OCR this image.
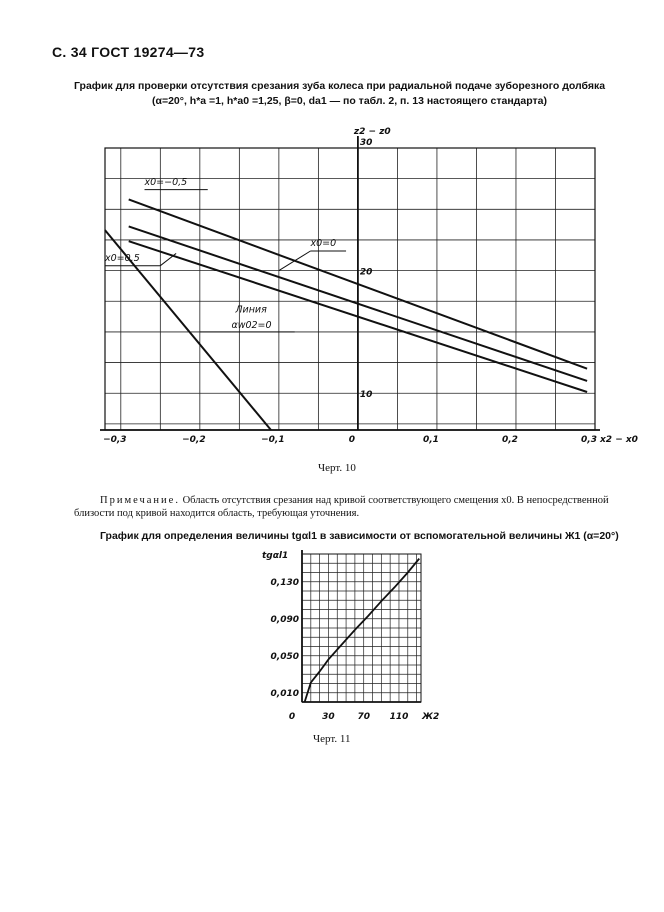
С. 34 ГОСТ 19274—73
График для проверки отсутствия срезания зуба колеса при радиальной подаче зуборезного долбяка
(α=20°, h*a =1, h*a0 =1,25, β=0, da1 — по табл. 2, п. 13 настоящего стандарта)
−0,3	−0,2	−0,1	0	0,1	0,2	0,3
30
20
10
z2 − z0
x2 − x0
x0=−0,5
x0=0
x0=0,5
Линия
αw02=0
Черт. 10
Примечание. Область отсутствия срезания над кривой соответствующего смещения x0. В непосредственной
близости под кривой находится область, требующая уточнения.
График для определения величины tgαl1 в зависимости от вспомогательной величины Ж1 (α=20°)
0,010
0,050
0,090
0,130
0	30	70 110
tgαl1
Ж2
Черт. 11
